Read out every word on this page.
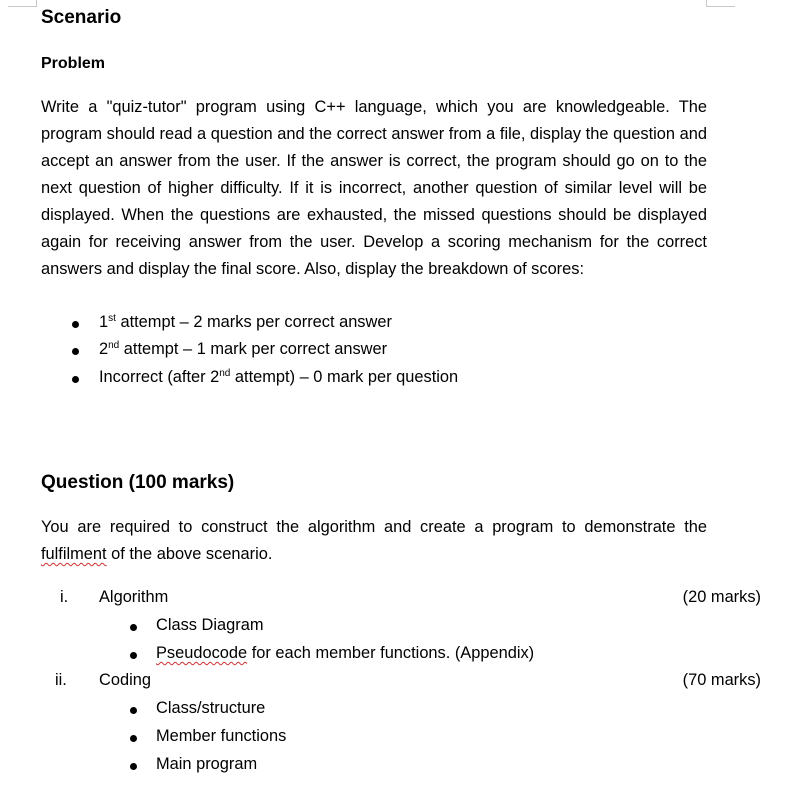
Scenario
Problem
Write a "quiz-tutor" program using C++ language, which you are knowledgeable. The program should read a question and the correct answer from a file, display the question and accept an answer from the user. If the answer is correct, the program should go on to the next question of higher difficulty. If it is incorrect, another question of similar level will be displayed. When the questions are exhausted, the missed questions should be displayed again for receiving answer from the user. Develop a scoring mechanism for the correct answers and display the final score. Also, display the breakdown of scores:
1st attempt – 2 marks per correct answer
2nd attempt – 1 mark per correct answer
Incorrect (after 2nd attempt) – 0 mark per question
Question (100 marks)
You are required to construct the algorithm and create a program to demonstrate the fulfilment of the above scenario.
i. Algorithm	(20 marks)
Class Diagram
Pseudocode for each member functions. (Appendix)
ii. Coding	(70 marks)
Class/structure
Member functions
Main program
